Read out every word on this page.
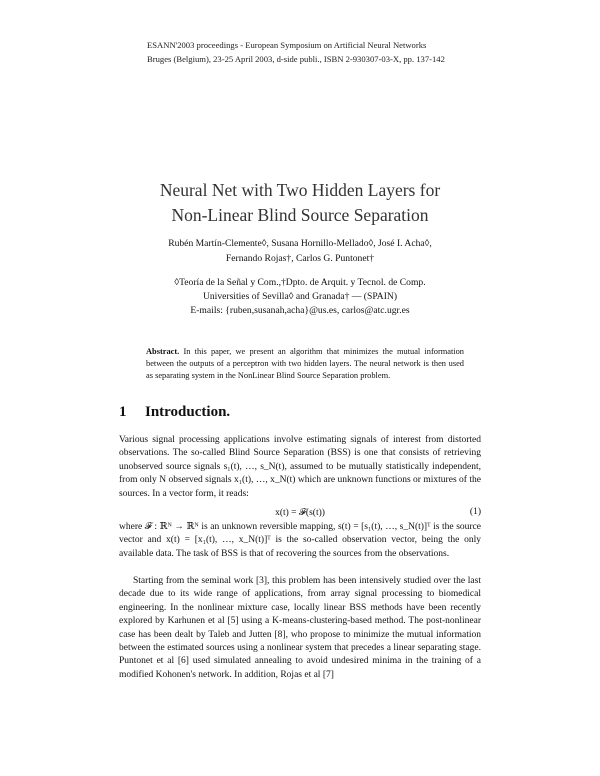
ESANN'2003 proceedings - European Symposium on Artificial Neural Networks
Bruges (Belgium), 23-25 April 2003, d-side publi., ISBN 2-930307-03-X, pp. 137-142
Neural Net with Two Hidden Layers for
Non-Linear Blind Source Separation
Rubén Martín-Clemente◊, Susana Hornillo-Mellado◊, José I. Acha◊,
Fernando Rojas†, Carlos G. Puntonet†
◊Teoría de la Señal y Com.,†Dpto. de Arquit. y Tecnol. de Comp.
Universities of Sevilla◊ and Granada† — (SPAIN)
E-mails: {ruben,susanah,acha}@us.es, carlos@atc.ugr.es
Abstract. In this paper, we present an algorithm that minimizes the mutual information between the outputs of a perceptron with two hidden layers. The neural network is then used as separating system in the NonLinear Blind Source Separation problem.
1 Introduction.
Various signal processing applications involve estimating signals of interest from distorted observations. The so-called Blind Source Separation (BSS) is one that consists of retrieving unobserved source signals s₁(t), …, s_N(t), assumed to be mutually statistically independent, from only N observed signals x₁(t), …, x_N(t) which are unknown functions or mixtures of the sources. In a vector form, it reads:
x(t) = 𝓕(s(t))	(1)
where 𝓕 : ℝᴺ → ℝᴺ is an unknown reversible mapping, s(t) = [s₁(t), …, s_N(t)]ᵀ is the source vector and x(t) = [x₁(t), …, x_N(t)]ᵀ is the so-called observation vector, being the only available data. The task of BSS is that of recovering the sources from the observations.
Starting from the seminal work [3], this problem has been intensively studied over the last decade due to its wide range of applications, from array signal processing to biomedical engineering. In the nonlinear mixture case, locally linear BSS methods have been recently explored by Karhunen et al [5] using a K-means-clustering-based method. The post-nonlinear case has been dealt by Taleb and Jutten [8], who propose to minimize the mutual information between the estimated sources using a nonlinear system that precedes a linear separating stage. Puntonet et al [6] used simulated annealing to avoid undesired minima in the training of a modified Kohonen's network. In addition, Rojas et al [7]
